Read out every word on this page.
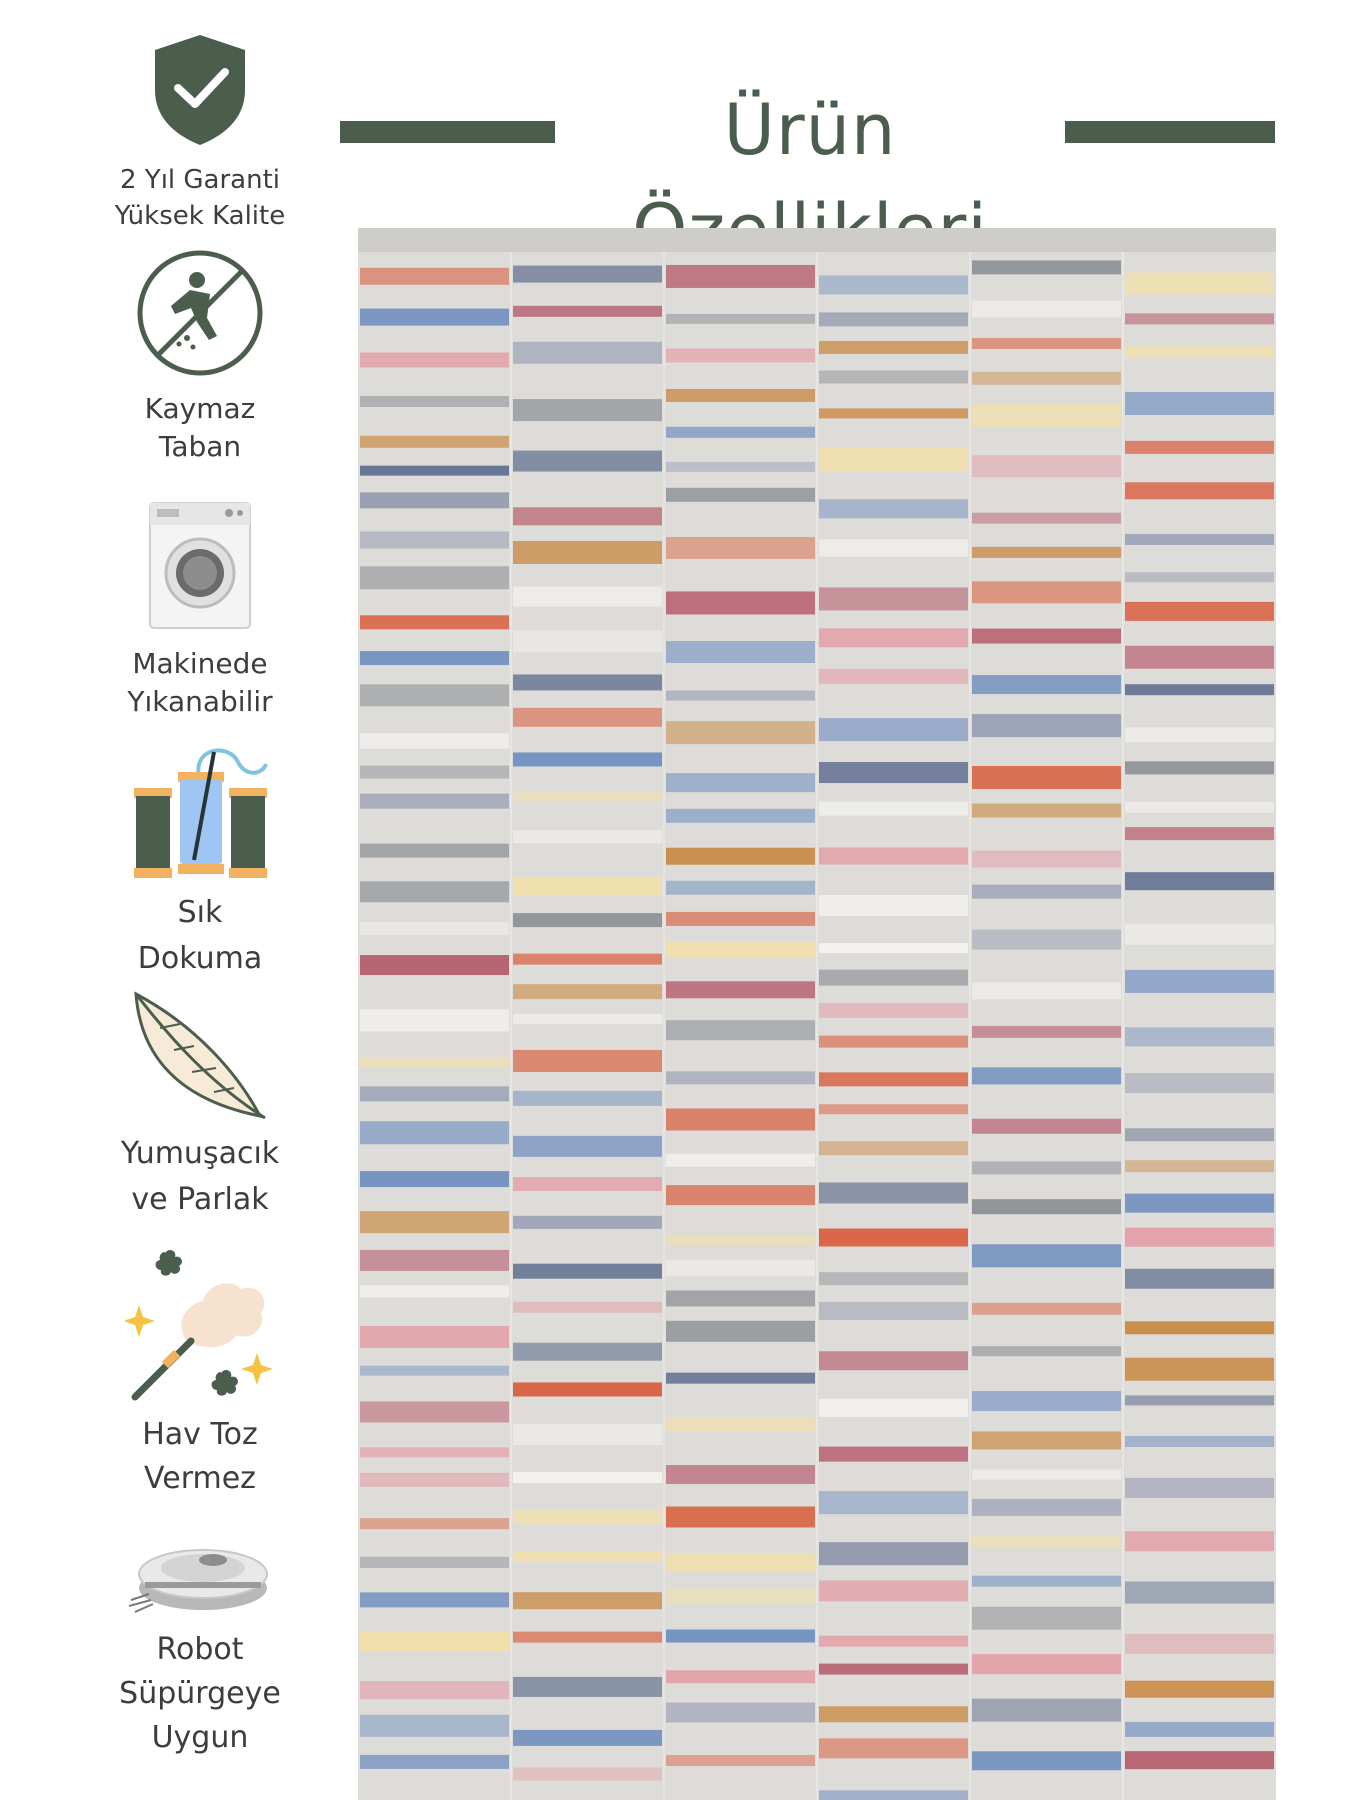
Ürün
2 Yıl Garanti
Yüksek Kalite
Kaymaz
Taban
Makinede
Yıkanabilir
Sık
Dokuma
Yumuşacık
ve Parlak
Hav Toz
Vermez
Robot
Süpürgeye
Uygun
